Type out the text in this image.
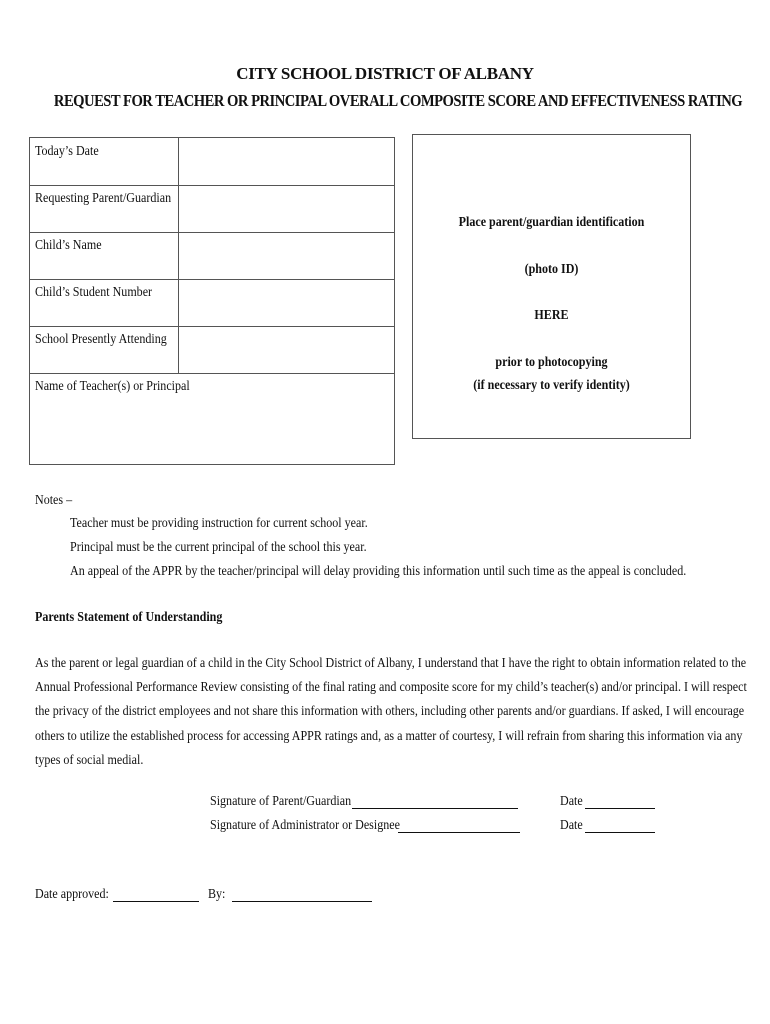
CITY SCHOOL DISTRICT OF ALBANY
REQUEST FOR TEACHER OR PRINCIPAL OVERALL COMPOSITE SCORE AND EFFECTIVENESS RATING
Today’s Date
Requesting Parent/Guardian
Child’s Name
Child’s Student Number
School Presently Attending
Name of Teacher(s) or Principal
Place parent/guardian identification
(photo ID)
HERE
prior to photocopying
(if necessary to verify identity)
Notes –
Teacher must be providing instruction for current school year.
Principal must be the current principal of the school this year.
An appeal of the APPR by the teacher/principal will delay providing this information until such time as the appeal is concluded.
Parents Statement of Understanding
As the parent or legal guardian of a child in the City School District of Albany, I understand that I have the right to obtain information related to the
Annual Professional Performance Review consisting of the final rating and composite score for my child’s teacher(s) and/or principal. I will respect
the privacy of the district employees and not share this information with others, including other parents and/or guardians. If asked, I will encourage
others to utilize the established process for accessing APPR ratings and, as a matter of courtesy, I will refrain from sharing this information via any
types of social medial.
Signature of Parent/Guardian	Date
Signature of Administrator or Designee	Date
Date approved:	By:
